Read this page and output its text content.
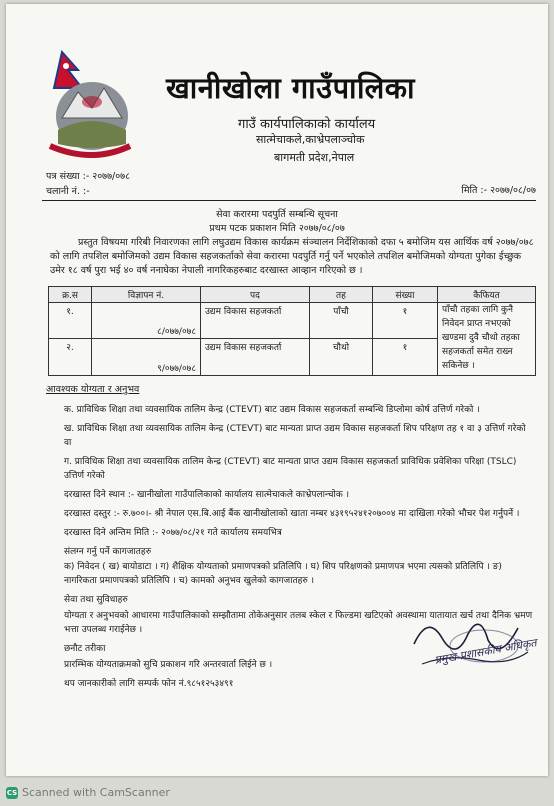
खानीखोला गाउँपालिका
गाउँ कार्यपालिकाको कार्यालय
सात्मेचाकले,काभ्रेपलाञ्चोक
बागमती प्रदेश,नेपाल
पत्र संख्या :- २०७७/०७८
चलानी नं. :-	मिति :- २०७७/०८/०७
सेवा करारमा पदपुर्ति सम्बन्धि सूचना
प्रथम पटक प्रकाशन मिति २०७७/०८/०७
प्रस्तुत विषयमा गरिबी निवारणका लागि लघुउद्यम विकास कार्यक्रम संञ्चालन निर्देशिकाको दफा ५ बमोजिम यस आर्थिक वर्ष २०७७/०७८ को लागि तपशिल बमोजिमको उद्यम विकास सहजकर्ताको सेवा करारमा पदपुर्ति गर्नु पर्ने भएकोले तपशिल बमोजिमको योग्यता पुगेका ईच्छुक उमेर १८ वर्ष पुरा भई ४० वर्ष ननाघेका नेपाली नागरिकहरुबाट दरखास्त आव्हान गरिएको छ ।
क्र.स	विज्ञापन नं.	पद	तह	संख्या	कैफियत
१.	८/०७७/०७८	उद्यम विकास सहजकर्ता	पाँचौ	१	पाँचौ तहका लागि कुनै निवेदन प्राप्त नभएको खण्डमा दुवै चौथो तहका सहजकर्ता समेत राख्न सकिनेछ ।
२.	९/०७७/०७८	उद्यम विकास सहजकर्ता	चौथो	१	
आवश्यक योग्यता र अनुभव

क. प्राविधिक शिक्षा तथा व्यवसायिक तालिम केन्द्र (CTEVT) बाट उद्यम विकास सहजकर्ता सम्बन्धि डिप्लोमा कोर्ष उत्तिर्ण गरेको ।

ख. प्राविधिक शिक्षा तथा व्यवसायिक तालिम केन्द्र (CTEVT) बाट मान्यता प्राप्त उद्यम विकास सहजकर्ता शिप परिक्षण तह १ वा ३ उत्तिर्ण गरेको वा

ग. प्राविधिक शिक्षा तथा व्यवसायिक तालिम केन्द्र (CTEVT) बाट मान्यता प्राप्त उद्यम विकास सहजकर्ता प्राविधिक प्रवेशिका परिक्षा (TSLC) उत्तिर्ण गरेको

दरखास्त दिने स्थान :- खानीखोला गाउँपालिकाको कार्यालय सात्मेचाकले काभ्रेपलान्चोक ।

दरखास्त दस्तुर :- रु.७००।- श्री नेपाल एस.बि.आई बैंक खानीखोलाको खाता नम्बर ४३१९५२४१२०७००४ मा दाखिला गरेको भौचर पेश गर्नुपर्ने ।

दरखास्त दिने अन्तिम मिति :- २०७७/०८/२१ गते कार्यालय समयभित्र

संलग्न गर्नु पर्ने कागजातहरु

क) निवेदन ( ख) बायोडाटा । ग) शैक्षिक योग्यताको प्रमाणपत्रको प्रतिलिपि । घ) शिप परिक्षणको प्रमाणपत्र भएमा त्यसको प्रतिलिपि । ङ) नागरिकता प्रमाणपत्रको प्रतिलिपि । च) कामको अनुभव खुलेको कागजातहरु ।

सेवा तथा सुविधाहरु

योग्यता र अनुभवको आधारमा गाउँपालिकाको सम्झौतामा तोकेअनुसार तलब स्केल र फिल्डमा खटिएको अवस्थामा यातायात खर्च तथा दैनिक भ्रमण भत्ता उपलब्ध गराईनेछ ।

छनौट तरीका

प्रारम्भिक योग्यताक्रमको सुचि प्रकाशन गरि अन्तरवार्ता लिईने छ ।

थप जानकारीको लागि सम्पर्क फोन नं.९८५१२५३४९१

प्रमुख प्रशासकीय अधिकृत
CS Scanned with CamScanner
